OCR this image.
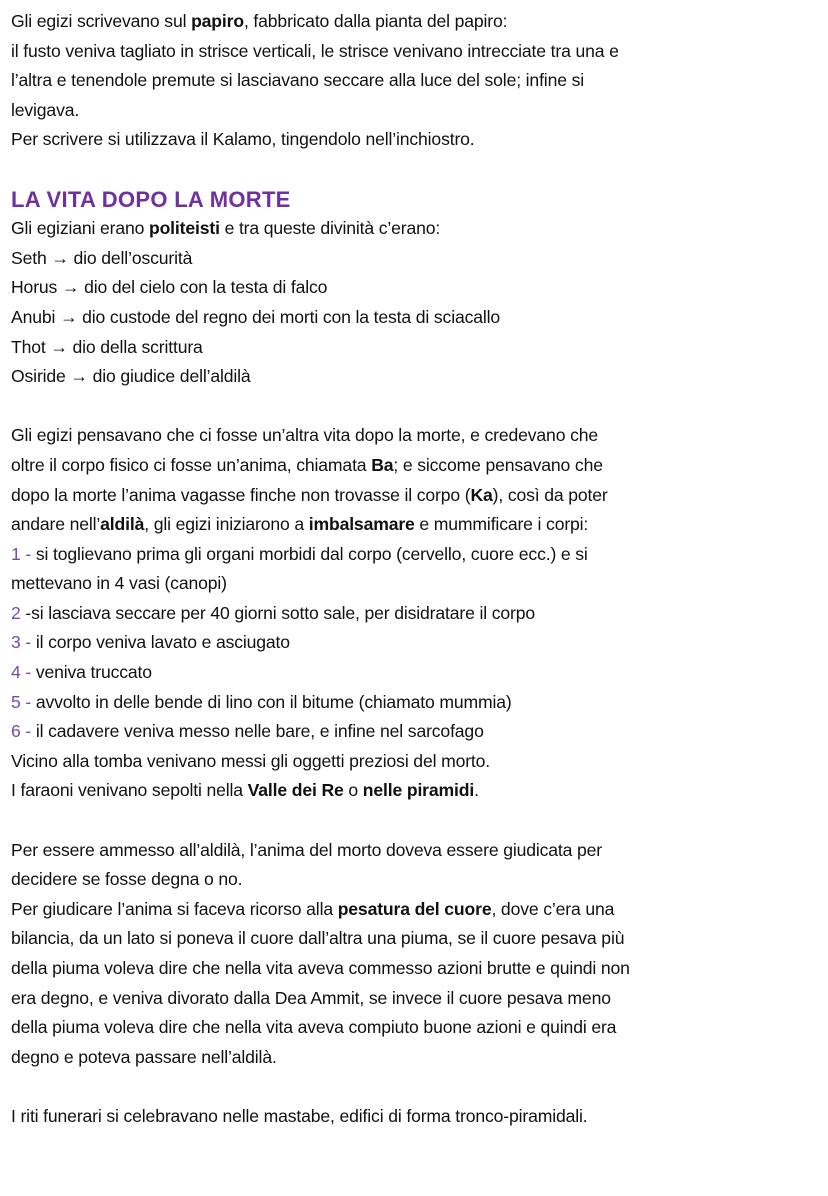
Gli egizi scrivevano sul papiro, fabbricato dalla pianta del papiro:
il fusto veniva tagliato in strisce verticali, le strisce venivano intrecciate tra una e
l’altra e tenendole premute si lasciavano seccare alla luce del sole; infine si
levigava.
Per scrivere si utilizzava il Kalamo, tingendolo nell’inchiostro.
LA VITA DOPO LA MORTE
Gli egiziani erano politeisti e tra queste divinità c’erano:
Seth → dio dell’oscurità
Horus → dio del cielo con la testa di falco
Anubi → dio custode del regno dei morti con la testa di sciacallo
Thot → dio della scrittura
Osiride → dio giudice dell’aldilà
Gli egizi pensavano che ci fosse un’altra vita dopo la morte, e credevano che
oltre il corpo fisico ci fosse un’anima, chiamata Ba; e siccome pensavano che
dopo la morte l’anima vagasse finche non trovasse il corpo (Ka), così da poter
andare nell’aldilà, gli egizi iniziarono a imbalsamare e mummificare i corpi:
1 - si toglievano prima gli organi morbidi dal corpo (cervello, cuore ecc.) e si
mettevano in 4 vasi (canopi)
2 -si lasciava seccare per 40 giorni sotto sale, per disidratare il corpo
3 - il corpo veniva lavato e asciugato
4 - veniva truccato
5 - avvolto in delle bende di lino con il bitume (chiamato mummia)
6 - il cadavere veniva messo nelle bare, e infine nel sarcofago
Vicino alla tomba venivano messi gli oggetti preziosi del morto.
I faraoni venivano sepolti nella Valle dei Re o nelle piramidi.
Per essere ammesso all’aldilà, l’anima del morto doveva essere giudicata per
decidere se fosse degna o no.
Per giudicare l’anima si faceva ricorso alla pesatura del cuore, dove c’era una
bilancia, da un lato si poneva il cuore dall’altra una piuma, se il cuore pesava più
della piuma voleva dire che nella vita aveva commesso azioni brutte e quindi non
era degno, e veniva divorato dalla Dea Ammit, se invece il cuore pesava meno
della piuma voleva dire che nella vita aveva compiuto buone azioni e quindi era
degno e poteva passare nell’aldilà.
I riti funerari si celebravano nelle mastabe, edifici di forma tronco-piramidali.
